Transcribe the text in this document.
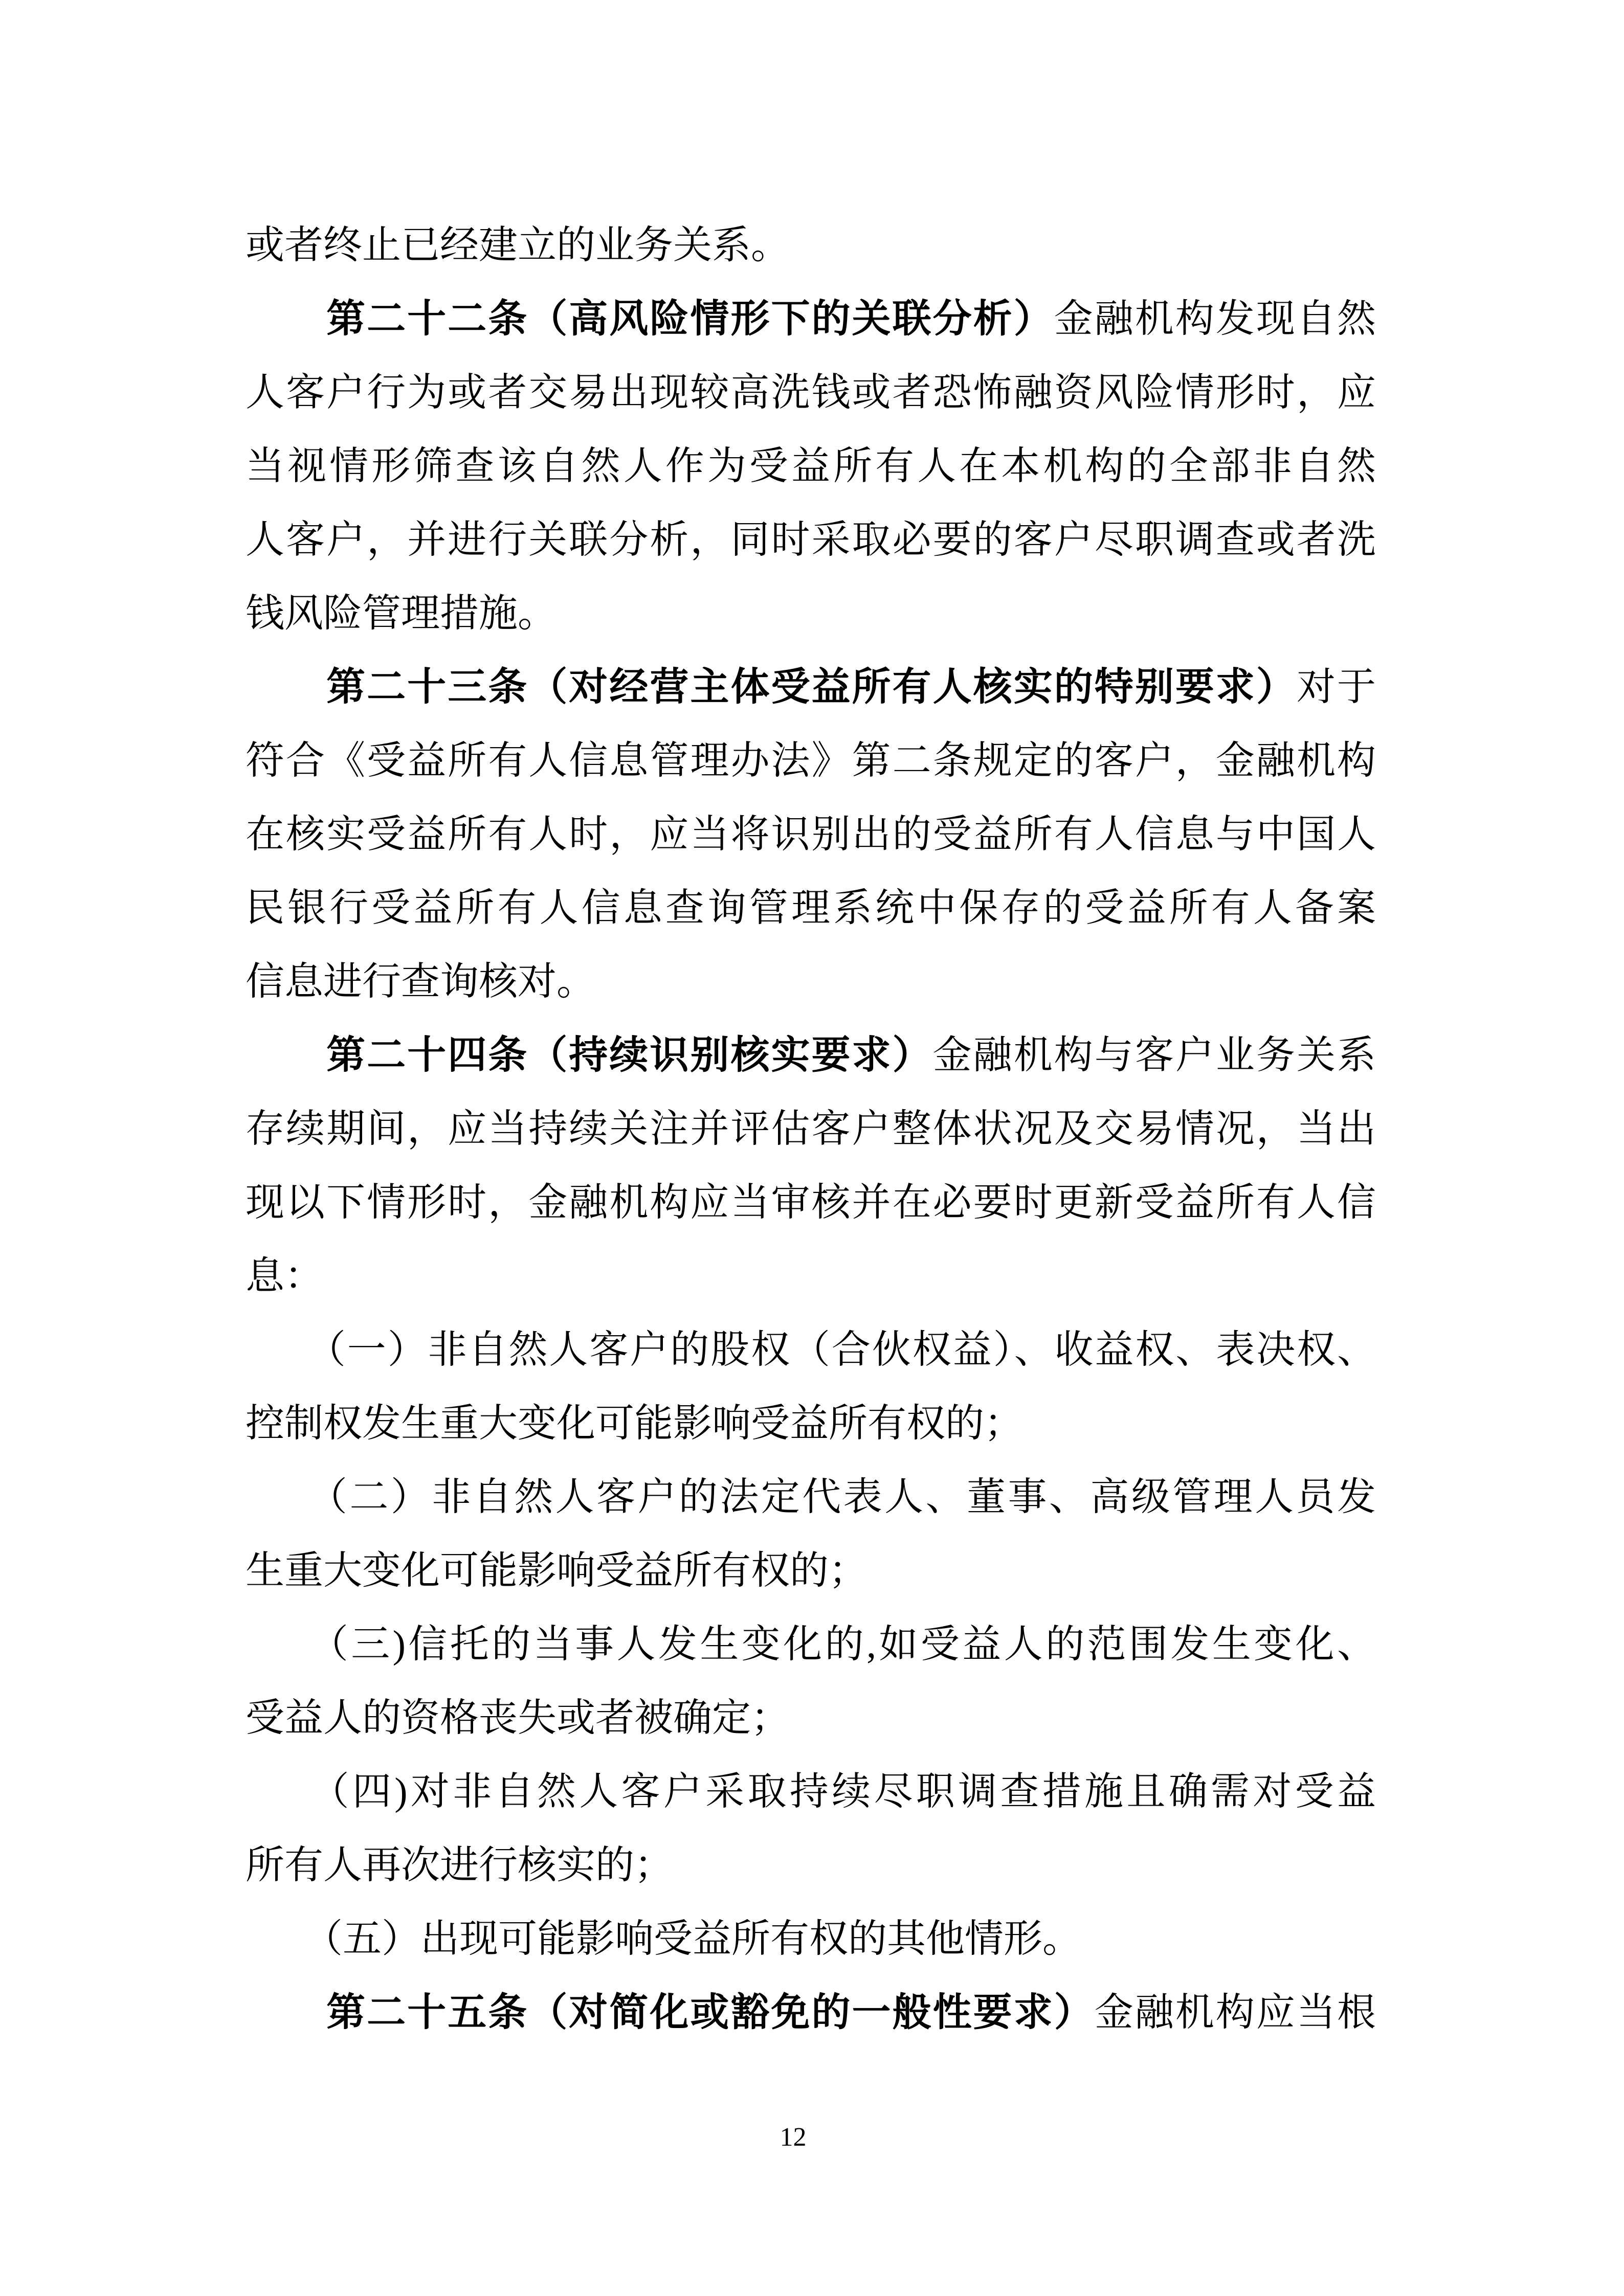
或者终止已经建立的业务关系。
　　第二十二条（高风险情形下的关联分析）金融机构发现自然
人客户行为或者交易出现较高洗钱或者恐怖融资风险情形时，应
当视情形筛查该自然人作为受益所有人在本机构的全部非自然
人客户，并进行关联分析，同时采取必要的客户尽职调查或者洗
钱风险管理措施。
　　第二十三条（对经营主体受益所有人核实的特别要求）对于
符合《受益所有人信息管理办法》第二条规定的客户，金融机构
在核实受益所有人时，应当将识别出的受益所有人信息与中国人
民银行受益所有人信息查询管理系统中保存的受益所有人备案
信息进行查询核对。
　　第二十四条（持续识别核实要求）金融机构与客户业务关系
存续期间，应当持续关注并评估客户整体状况及交易情况，当出
现以下情形时，金融机构应当审核并在必要时更新受益所有人信
息：
　　（一）非自然人客户的股权（合伙权益）、收益权、表决权、
控制权发生重大变化可能影响受益所有权的；
　　（二）非自然人客户的法定代表人、董事、高级管理人员发
生重大变化可能影响受益所有权的；
　　（三)信托的当事人发生变化的,如受益人的范围发生变化、
受益人的资格丧失或者被确定；
　　（四)对非自然人客户采取持续尽职调查措施且确需对受益
所有人再次进行核实的；
　　（五）出现可能影响受益所有权的其他情形。
　　第二十五条（对简化或豁免的一般性要求）金融机构应当根
12
